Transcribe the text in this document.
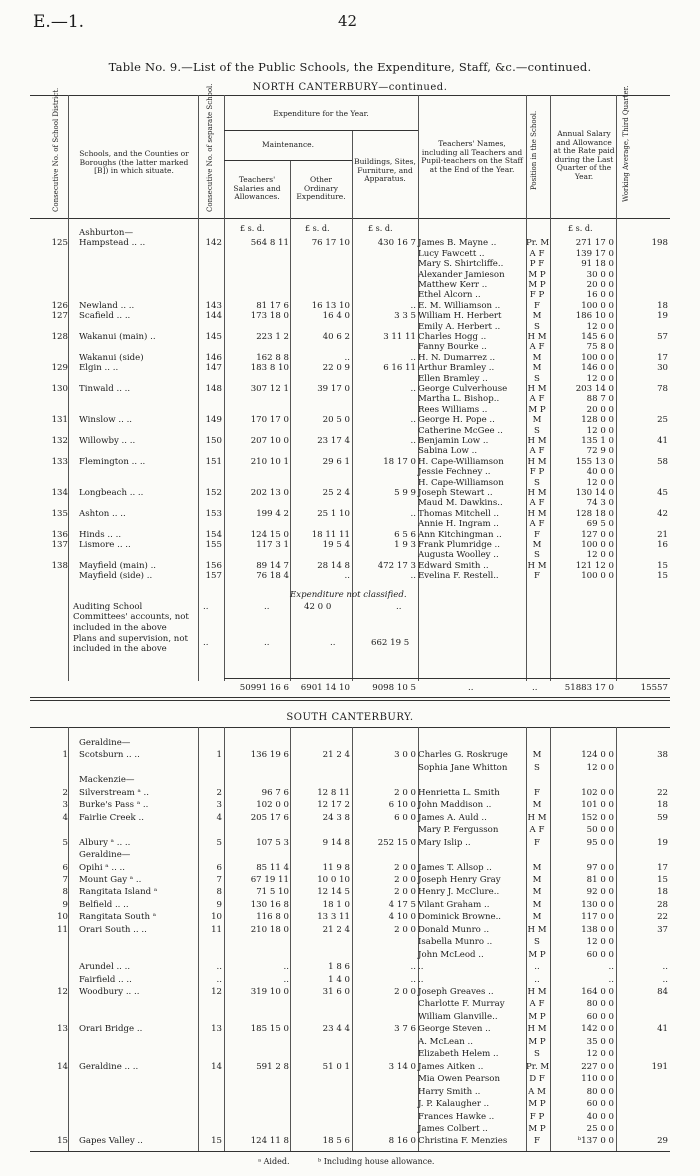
E.—1.	42
Table No. 9.—List of the Public Schools, the Expenditure, Staff, &c.—continued.
NORTH CANTERBURY—continued.
Consecutive No. of School District.	Schools, and the Counties or Boroughs (the latter marked [B]) in which situate.	Consecutive No. of separate School.	Expenditure for the Year.
Maintenance.
Teachers' Salaries and Allowances.
Other Ordinary Expenditure.
Buildings, Sites, Furniture, and Apparatus.
Teachers' Names, including all Teachers and Pupil-teachers on the Staff at the End of the Year.	Position in the School.	Annual Salary and Allowance at the Rate paid during the Last Quarter of the Year.	Working Average, Third Quarter.
£ s. d.	£ s. d.	£ s. d.	£ s. d.
Ashburton—
125 Hampstead .. ..	142	564 8 11	76 17 10	430 16 7 James B. Mayne ..	Pr. M	271 17 0	198
Lucy Fawcett ..	A F	139 17 0
Mary S. Shirtcliffe..	P F	91 18 0
Alexander Jamieson	M P	30 0 0
Matthew Kerr ..	M P	20 0 0
Ethel Alcorn ..	F P	16 0 0
126 Newland .. ..	143	81 17 6	16 13 10	.. E. M. Williamson ..	F	100 0 0	18
127 Scafield .. ..	144	173 18 0	16 4 0	3 3 5 William H. Herbert	M	186 10 0	19
Emily A. Herbert ..	S	12 0 0
128 Wakanui (main) ..	145	223 1 2	40 6 2	3 11 11 Charles Hogg ..	H M	145 6 0	57
Fanny Bourke ..	A F	75 8 0
Wakanui (side)	146	162 8 8	..	.. H. N. Dumarrez ..	M	100 0 0	17
129 Elgin .. ..	147	183 8 10	22 0 9	6 16 11 Arthur Bramley ..	M	146 0 0	30
Ellen Bramley ..	S	12 0 0
130 Tinwald .. ..	148	307 12 1	39 17 0	.. George Culverhouse H M	203 14 0	78
Martha L. Bishop..	A F	88 7 0
Rees Williams ..	M P	20 0 0
131 Winslow .. ..	149	170 17 0	20 5 0	.. George H. Pope ..	M	128 0 0	25
Catherine McGee ..	S	12 0 0
132 Willowby .. ..	150	207 10 0	23 17 4	.. Benjamin Low ..	H M	135 1 0	41
Sabina Low ..	A F	72 9 0
133 Flemington .. ..	151	210 10 1	29 6 1	18 17 0 H. Cape-Williamson	H M	155 13 0	58
Jessie Fechney ..	F P	40 0 0
H. Cape-Williamson	S	12 0 0
134 Longbeach .. ..	152	202 13 0	25 2 4	5 9 9 Joseph Stewart ..	H M	130 14 0	45
Maud M. Dawkins..	A F	74 3 0
135 Ashton .. ..	153	199 4 2	25 1 10	.. Thomas Mitchell ..	H M	128 18 0	42
Annie H. Ingram ..	A F	69 5 0
136 Hinds .. ..	154	124 15 0	18 11 11	6 5 6 Ann Kitchingman ..	F	127 0 0	21
137 Lismore .. ..	155	117 3 1	19 5 4	1 9 3 Frank Plumridge ..	M	100 0 0	16
Augusta Woolley ..	S	12 0 0
138 Mayfield (main) ..	156	89 14 7	28 14 8	472 17 3 Edward Smith ..	H M	121 12 0	15
Mayfield (side) ..	157	76 18 4	..	.. Evelina F. Restell..	F	100 0 0	15
Expenditure not classified.
Auditing School Committees' accounts, not included in the above
..	..	42 0 0	..
Plans and supervision, not included in the above
..	..	..	662 19 5
50991 16 6	6901 14 10	9098 10 5	..	..	51883 17 0	15557
SOUTH CANTERBURY.
Geraldine—
1 Scotsburn .. ..	1	136 19 6	21 2 4	3 0 0 Charles G. Roskruge	M	124 0 0	38
Sophia Jane Whitton	S	12 0 0
Mackenzie—
2 Silverstream ᵃ ..	2	96 7 6	12 8 11	2 0 0 Henrietta L. Smith	F	102 0 0	22
3 Burke's Pass ᵃ ..	3	102 0 0	12 17 2	6 10 0 John Maddison ..	M	101 0 0	18
4 Fairlie Creek ..	4	205 17 6	24 3 8	6 0 0 James A. Auld ..	H M	152 0 0	59
Mary P. Fergusson	A F	50 0 0
5 Albury ᵃ .. ..	5	107 5 3	9 14 8	252 15 0 Mary Islip ..	F	95 0 0	19
Geraldine—
6 Opihi ᵃ .. ..	6	85 11 4	11 9 8	2 0 0 James T. Allsop ..	M	97 0 0	17
7 Mount Gay ᵃ ..	7	67 19 11	10 0 10	2 0 0 Joseph Henry Gray	M	81 0 0	15
8 Rangitata Island ᵃ	8	71 5 10	12 14 5	2 0 0 Henry J. McClure..	M	92 0 0	18
9 Belfield .. ..	9	130 16 8	18 1 0	4 17 5 Vilant Graham ..	M	130 0 0	28
10 Rangitata South ᵃ	10	116 8 0	13 3 11	4 10 0 Dominick Browne..	M	117 0 0	22
11 Orari South .. ..	11	210 18 0	21 2 4	2 0 0 Donald Munro ..	H M	138 0 0	37
Isabella Munro ..	S	12 0 0
John McLeod ..	M P	60 0 0
Arundel .. ..	..	..	1 8 6	.. ..	..	..	..
Fairfield .. ..	..	..	1 4 0	.. ..	..	..	..
12 Woodbury .. ..	12	319 10 0	31 6 0	2 0 0 Joseph Greaves ..	H M	164 0 0	84
Charlotte F. Murray	A F	80 0 0
William Glanville..	M P	60 0 0
13 Orari Bridge ..	13	185 15 0	23 4 4	3 7 6 George Steven ..	H M	142 0 0	41
A. McLean ..	M P	35 0 0
Elizabeth Helem ..	S	12 0 0
14 Geraldine .. ..	14	591 2 8	51 0 1	3 14 0 James Aitken ..	Pr. M	227 0 0	191
Mia Owen Pearson	D F	110 0 0
Harry Smith ..	A M	80 0 0
J. P. Kalaugher ..	M P	60 0 0
Frances Hawke ..	F P	40 0 0
James Colbert ..	M P	25 0 0
15 Gapes Valley ..	15	124 11 8	18 5 6	8 16 0 Christina F. Menzies	F	ᵇ137 0 0	29
ᵃ Aided.	ᵇ Including house allowance.
